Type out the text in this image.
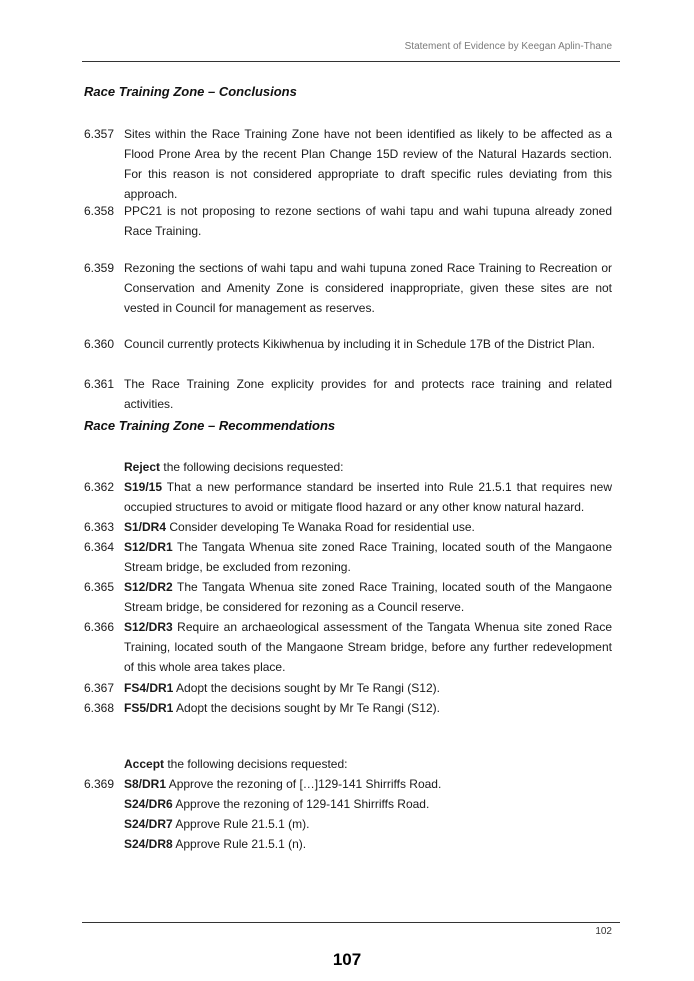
Statement of Evidence by Keegan Aplin-Thane
Race Training Zone – Conclusions
6.357 Sites within the Race Training Zone have not been identified as likely to be affected as a Flood Prone Area by the recent Plan Change 15D review of the Natural Hazards section. For this reason is not considered appropriate to draft specific rules deviating from this approach.
6.358 PPC21 is not proposing to rezone sections of wahi tapu and wahi tupuna already zoned Race Training.
6.359 Rezoning the sections of wahi tapu and wahi tupuna zoned Race Training to Recreation or Conservation and Amenity Zone is considered inappropriate, given these sites are not vested in Council for management as reserves.
6.360 Council currently protects Kikiwhenua by including it in Schedule 17B of the District Plan.
6.361 The Race Training Zone explicity provides for and protects race training and related activities.
Race Training Zone – Recommendations
Reject the following decisions requested:
6.362 S19/15 That a new performance standard be inserted into Rule 21.5.1 that requires new occupied structures to avoid or mitigate flood hazard or any other know natural hazard.
6.363 S1/DR4 Consider developing Te Wanaka Road for residential use.
6.364 S12/DR1 The Tangata Whenua site zoned Race Training, located south of the Mangaone Stream bridge, be excluded from rezoning.
6.365 S12/DR2 The Tangata Whenua site zoned Race Training, located south of the Mangaone Stream bridge, be considered for rezoning as a Council reserve.
6.366 S12/DR3 Require an archaeological assessment of the Tangata Whenua site zoned Race Training, located south of the Mangaone Stream bridge, before any further redevelopment of this whole area takes place.
6.367 FS4/DR1 Adopt the decisions sought by Mr Te Rangi (S12).
6.368 FS5/DR1 Adopt the decisions sought by Mr Te Rangi (S12).
Accept the following decisions requested:
6.369 S8/DR1 Approve the rezoning of […]129-141 Shirriffs Road.
S24/DR6 Approve the rezoning of 129-141 Shirriffs Road.
S24/DR7 Approve Rule 21.5.1 (m).
S24/DR8 Approve Rule 21.5.1 (n).
102
107
